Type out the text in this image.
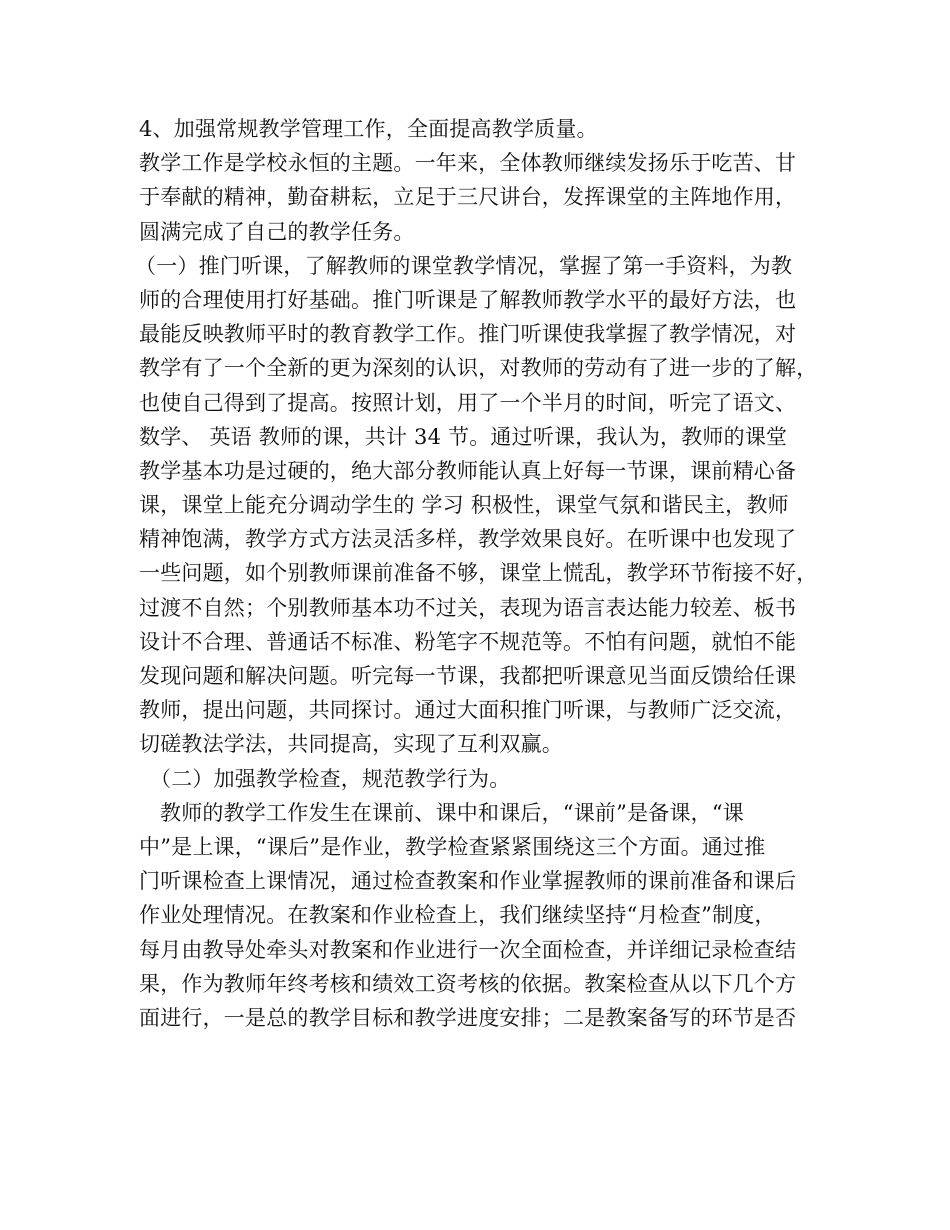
4、加强常规教学管理工作，全面提高教学质量。
教学工作是学校永恒的主题。一年来，全体教师继续发扬乐于吃苦、甘
于奉献的精神，勤奋耕耘，立足于三尺讲台，发挥课堂的主阵地作用，
圆满完成了自己的教学任务。
（一）推门听课，了解教师的课堂教学情况，掌握了第一手资料，为教
师的合理使用打好基础。推门听课是了解教师教学水平的最好方法，也
最能反映教师平时的教育教学工作。推门听课使我掌握了教学情况，对
教学有了一个全新的更为深刻的认识，对教师的劳动有了进一步的了解，
也使自己得到了提高。按照计划，用了一个半月的时间，听完了语文、
数学、 英语 教师的课，共计 34 节。通过听课，我认为，教师的课堂
教学基本功是过硬的，绝大部分教师能认真上好每一节课，课前精心备
课，课堂上能充分调动学生的 学习 积极性，课堂气氛和谐民主，教师
精神饱满，教学方式方法灵活多样，教学效果良好。在听课中也发现了
一些问题，如个别教师课前准备不够，课堂上慌乱，教学环节衔接不好，
过渡不自然；个别教师基本功不过关，表现为语言表达能力较差、板书
设计不合理、普通话不标准、粉笔字不规范等。不怕有问题，就怕不能
发现问题和解决问题。听完每一节课，我都把听课意见当面反馈给任课
教师，提出问题，共同探讨。通过大面积推门听课，与教师广泛交流，
切磋教法学法，共同提高，实现了互利双赢。
（二）加强教学检查，规范教学行为。
教师的教学工作发生在课前、课中和课后，“课前”是备课，“课
中”是上课，“课后”是作业，教学检查紧紧围绕这三个方面。通过推
门听课检查上课情况，通过检查教案和作业掌握教师的课前准备和课后
作业处理情况。在教案和作业检查上，我们继续坚持“月检查”制度，
每月由教导处牵头对教案和作业进行一次全面检查，并详细记录检查结
果，作为教师年终考核和绩效工资考核的依据。教案检查从以下几个方
面进行，一是总的教学目标和教学进度安排；二是教案备写的环节是否
